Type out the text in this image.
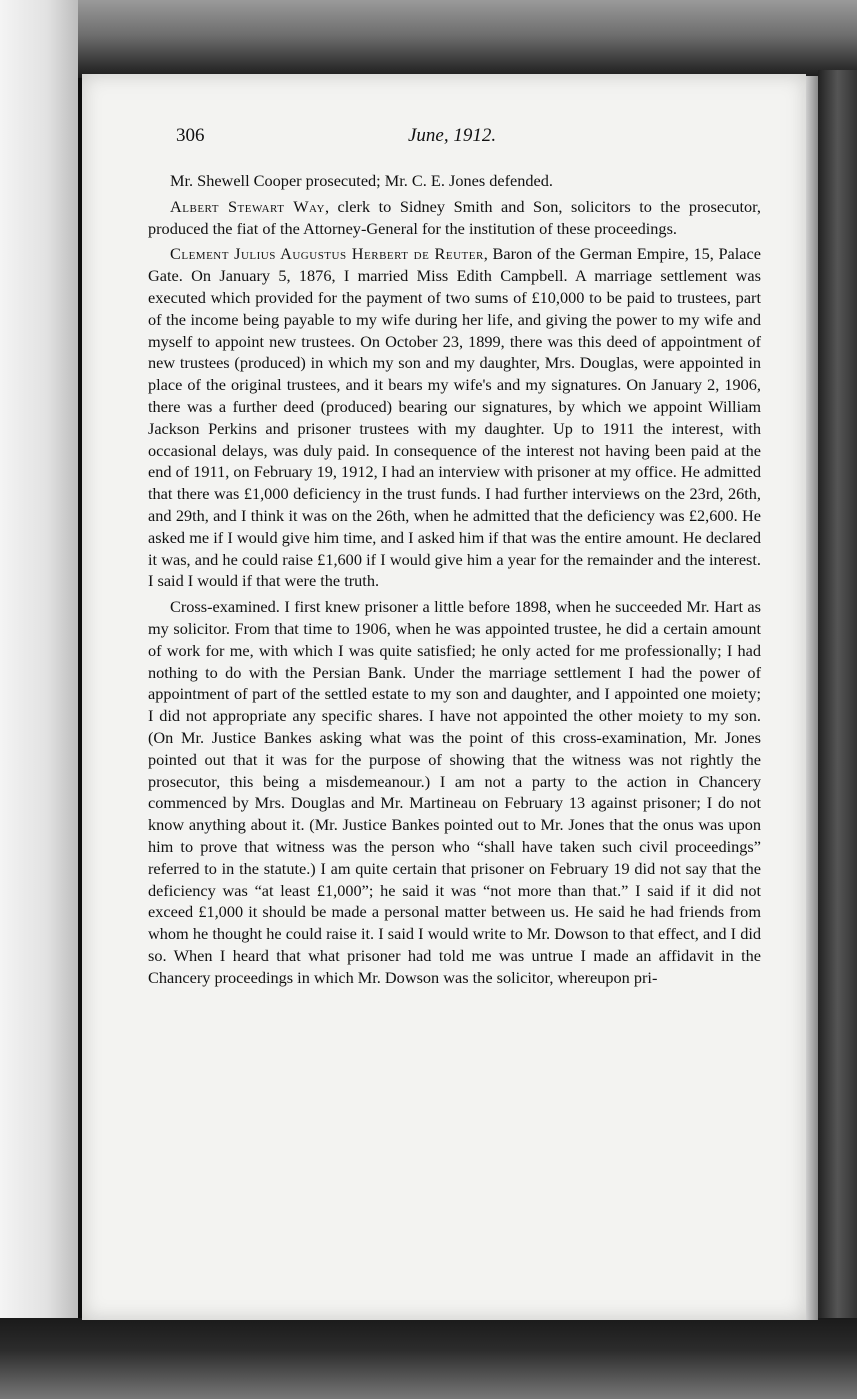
306	June, 1912.

Mr. Shewell Cooper prosecuted; Mr. C. E. Jones defended.

Albert Stewart Way, clerk to Sidney Smith and Son, solicitors to the prosecutor, produced the fiat of the Attorney-General for the institution of these proceedings.

Clement Julius Augustus Herbert de Reuter, Baron of the German Empire, 15, Palace Gate. On January 5, 1876, I married Miss Edith Campbell. A marriage settlement was executed which provided for the payment of two sums of £10,000 to be paid to trustees, part of the income being payable to my wife during her life, and giving the power to my wife and myself to appoint new trustees. On October 23, 1899, there was this deed of appointment of new trustees (produced) in which my son and my daughter, Mrs. Douglas, were appointed in place of the original trustees, and it bears my wife's and my signatures. On January 2, 1906, there was a further deed (produced) bearing our signatures, by which we appoint William Jackson Perkins and prisoner trustees with my daughter. Up to 1911 the interest, with occasional delays, was duly paid. In consequence of the interest not having been paid at the end of 1911, on February 19, 1912, I had an interview with prisoner at my office. He admitted that there was £1,000 deficiency in the trust funds. I had further interviews on the 23rd, 26th, and 29th, and I think it was on the 26th, when he admitted that the deficiency was £2,600. He asked me if I would give him time, and I asked him if that was the entire amount. He declared it was, and he could raise £1,600 if I would give him a year for the remainder and the interest. I said I would if that were the truth.

Cross-examined. I first knew prisoner a little before 1898, when he succeeded Mr. Hart as my solicitor. From that time to 1906, when he was appointed trustee, he did a certain amount of work for me, with which I was quite satisfied; he only acted for me professionally; I had nothing to do with the Persian Bank. Under the marriage settlement I had the power of appointment of part of the settled estate to my son and daughter, and I appointed one moiety; I did not appropriate any specific shares. I have not appointed the other moiety to my son. (On Mr. Justice Bankes asking what was the point of this cross-examination, Mr. Jones pointed out that it was for the purpose of showing that the witness was not rightly the prosecutor, this being a misdemeanour.) I am not a party to the action in Chancery commenced by Mrs. Douglas and Mr. Martineau on February 13 against prisoner; I do not know anything about it. (Mr. Justice Bankes pointed out to Mr. Jones that the onus was upon him to prove that witness was the person who “shall have taken such civil proceedings” referred to in the statute.) I am quite certain that prisoner on February 19 did not say that the deficiency was “at least £1,000”; he said it was “not more than that.” I said if it did not exceed £1,000 it should be made a personal matter between us. He said he had friends from whom he thought he could raise it. I said I would write to Mr. Dowson to that effect, and I did so. When I heard that what prisoner had told me was untrue I made an affidavit in the Chancery proceedings in which Mr. Dowson was the solicitor, whereupon pri-
